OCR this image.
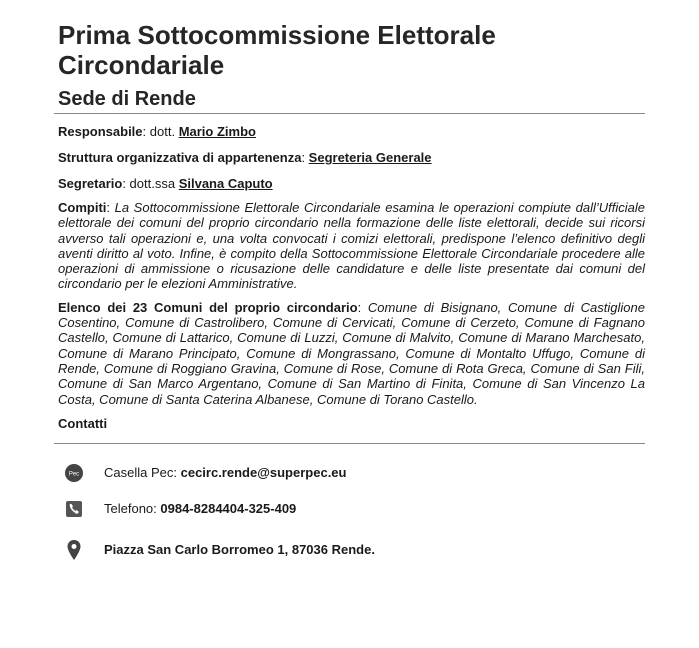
Prima Sottocommissione Elettorale
Circondariale
Sede di Rende
Responsabile: dott. Mario Zimbo
Struttura organizzativa di appartenenza: Segreteria Generale
Segretario: dott.ssa Silvana Caputo
Compiti: La Sottocommissione Elettorale Circondariale esamina le operazioni compiute dall’Ufficiale elettorale dei comuni del proprio circondario nella formazione delle liste elettorali, decide sui ricorsi avverso tali operazioni e, una volta convocati i comizi elettorali, predispone l’elenco definitivo degli aventi diritto al voto. Infine, è compito della Sottocommissione Elettorale Circondariale procedere alle operazioni di ammissione o ricusazione delle candidature e delle liste presentate dai comuni del circondario per le elezioni Amministrative.
Elenco dei 23 Comuni del proprio circondario: Comune di Bisignano, Comune di Castiglione Cosentino, Comune di Castrolibero, Comune di Cervicati, Comune di Cerzeto, Comune di Fagnano Castello, Comune di Lattarico, Comune di Luzzi, Comune di Malvito, Comune di Marano Marchesato, Comune di Marano Principato, Comune di Mongrassano, Comune di Montalto Uffugo, Comune di Rende, Comune di Roggiano Gravina, Comune di Rose, Comune di Rota Greca, Comune di San Fili, Comune di San Marco Argentano, Comune di San Martino di Finita, Comune di San Vincenzo La Costa, Comune di Santa Caterina Albanese, Comune di Torano Castello.
Contatti
Pec Casella Pec:
cecirc.rende@superpec.eu
Telefono:
0984-8284404-325-409
Piazza San Carlo Borromeo 1, 87036 Rende.
